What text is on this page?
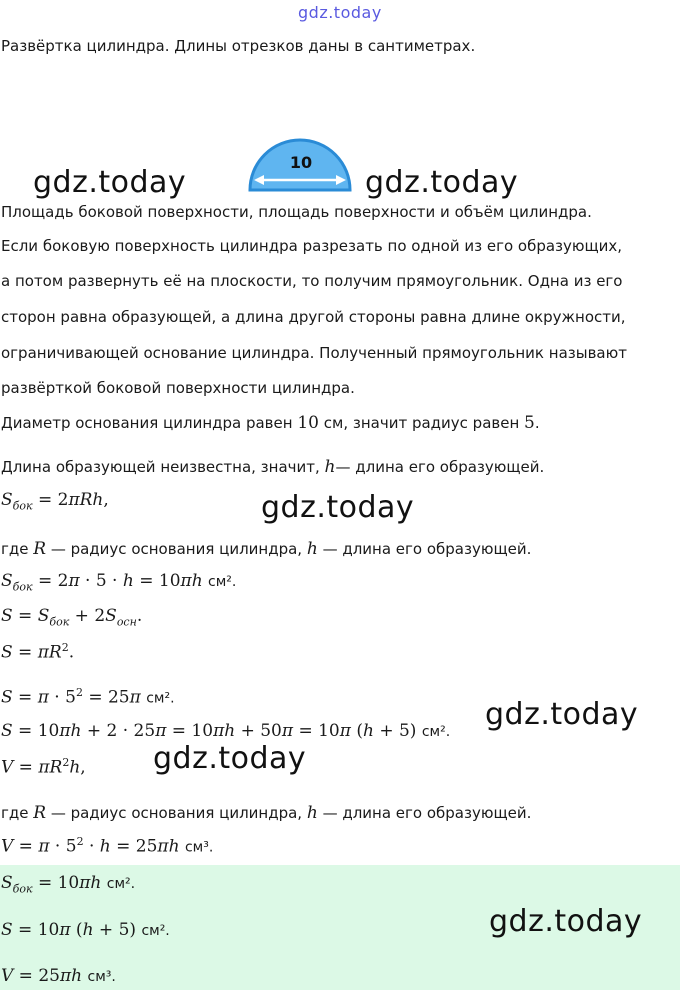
gdz.today
Развёртка цилиндра. Длины отрезков даны в сантиметрах.
10
gdz.today	gdz.today
Площадь боковой поверхности, площадь поверхности и объём цилиндра.
Если боковую поверхность цилиндра разрезать по одной из его образующих,
а потом развернуть её на плоскости, то получим прямоугольник. Одна из его
сторон равна образующей, а длина другой стороны равна длине окружности,
ограничивающей основание цилиндра. Полученный прямоугольник называют
развёрткой боковой поверхности цилиндра.
Диаметр основания цилиндра равен 10 см, значит радиус равен 5.
Длина образующей неизвестна, значит, h— длина его образующей.
$S_{бок} = 2\pi Rh$,	gdz.today
где R — радиус основания цилиндра, h — длина его образующей.
$S_{бок} = 2\pi \cdot 5 \cdot h = 10\pi h$ см².
$S = S_{бок} + 2S_{осн}$.
$S = \pi R^2$.
$S = \pi \cdot 5^2 = 25\pi$ см².
S = 10πh + 2 · 25π = 10πh + 50π = 10π (h + 5) см². gdz.today
$V = \pi R^2h$, gdz.today
где R — радиус основания цилиндра, h — длина его образующей.
$V = \pi \cdot 5^2 \cdot h = 25\pi h$ см³.
$S_{бок} = 10\pi h$ см².
S = 10π (h + 5) см².
V = 25πh см³.
gdz.today
